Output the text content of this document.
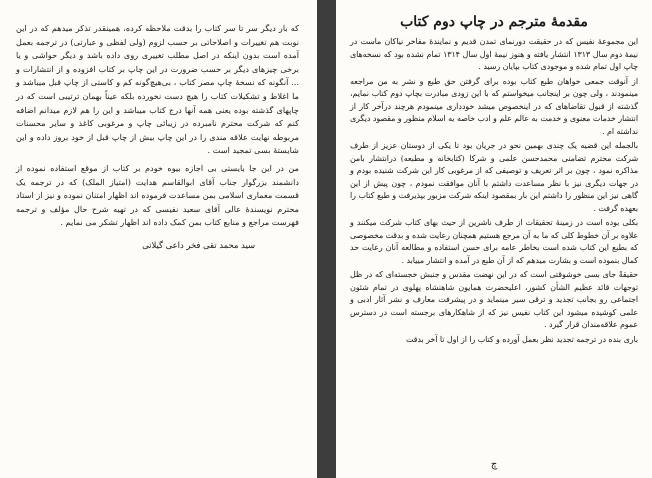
که بار دیگر سر تا سر کتاب را بدقت ملاحظه کرده، همینقدر تذکر میدهم که در این نوبت هم تغییرات و اصلاحاتی بر حسب لزوم (ولی لفظی و عبارتی) در ترجمه بعمل آمده است بدون اینکه در اصل مطلب تغییری روی داده باشد و دیگر حواشی و یا برخی چیزهای دیگر بر حسب ضرورت در این چاپ بر کتاب افزوده و از انتشارات و ... آنگونه که نسخهٔ چاپ مصر کتاب ، بی‌هیچ‌گونه کم و کاستی از چاپ قبل میباشد و ما اغلاط و تشکیلات کتاب را هیچ دست نخورده بلکه عیناً بهمان ترتیبی است که در چاپهای گذشته بوده یعنی همه آنها درج کتاب میباشد و این را هم لازم میدانم اضافه کنم که شرکت محترم نامبرده در زیبائی چاپ و مرغوبی کاغذ و سایر محسنات مربوطه نهایت علاقه مندی را در این چاپ بیش از چاپ قبل از خود بروز داده و این شایستهٔ بسی تمجید است .

من در این جا بایستی بی اجازه بیوه خودم بر کتاب از موقع استفاده نموده از دانشمند بزرگوار جناب آقای ابوالقاسم هدایت (امتیاز الملک) که در ترجمه یک قسمت معماری اسلامی بمن مساعدت فرموده اند اظهار امتنان نموده و نیز از استاد محترم نویسندهٔ عالی آقای سعید نفیسی که در تهیه شرح حال مؤلف و ترجمه فهرست مراجع و منابع کتاب بمن کمک داده اند اظهار تشکر می نمایم .

سید محمد تقی فخر داعی گیلانی
مقدمهٔ مترجم در چاپ دوم کتاب

این مجموعهٔ نفیس که در حقیقت دورنمای تمدن قدیم و نمایندهٔ مفاخر نیاکان ماست در نیمهٔ دوم سال ۱۳۱۳ انتشار یافته و هنوز نیمهٔ اول سال ۱۳۱۴ تمام نشده بود که نسخه‌های چاپ اول تمام شده و موجودی کتاب بپایان رسید .

از آنوقت جمعی خواهان طبع کتاب بوده برای گرفتن حق طبع و نشر به من مراجعه مینمودند ، ولی چون بر اینجانب میخواستم که با این زودی مبادرت بچاپ دوم کتاب نمایم، گذشته از قبول تقاضاهای که در اینخصوص میشد خودداری مینمودم هرچند درآخر کار از انتشار خدمات معنوی و خدمت به عالم علم و ادب خاصه به اسلام منظور و مقصود دیگری نداشته ام .

بالجمله این قضیه یک چندی بهمین نحو در جریان بود تا یکی از دوستان عزیز از طرف شرکت محترم تضامنی محمدحسن علمی و شرکا (کتابخانه و مطبعه) درانتشار بامن مذاکره نمود ، چون بر اثر تعریف و توصیفی که از مرغوبی کار این شرکت شنیده بودم و در جهات دیگری نیز با نظر مساعدت داشتم با آنان موافقت نمودم ، چون پیش از این گاهی نیز این منظور را داشتم این بار بمقصود اینکه شرکت مزبور بپذیرفت و طبع کتاب را بعهده گرفت .

بکلی بوده است در زمینهٔ تحقیقات از طرف ناشرین از حیث بهای کتاب شرکت میکنند و علاوه بر آن خطوط کلی که ما به آن مرجع هستیم همچنان رعایت شده و بدقت مخصوصی که بطبع این کتاب شده است بخاطر عامه برای حسن استفاده و مطالعه آنان رعایت حد کمال بنموده است و بشارت میدهم که از آن طبع در آمده و انتشار مییابد .

حقیقةً جای بسی خوشوقتی است که در این نهضت مقدس و جنبش خجسته‌ای که در ظل توجهات قائد عظیم الشأن کشور، اعلیحضرت همایون شاهنشاه پهلوی در تمام شئون اجتماعی رو بجانب تجدید و ترقی سیر مینماید و در پیشرفت معارف و نشر آثار ادبی و علمی کوشیده میشود این کتاب نفیس نیز که از شاهکارهای برجسته است در دسترس عموم علاقه‌مندان قرار گیرد .

باری بنده در ترجمه تجدید نظر بعمل آورده و کتاب را از اول تا آخر بدقت

چ
